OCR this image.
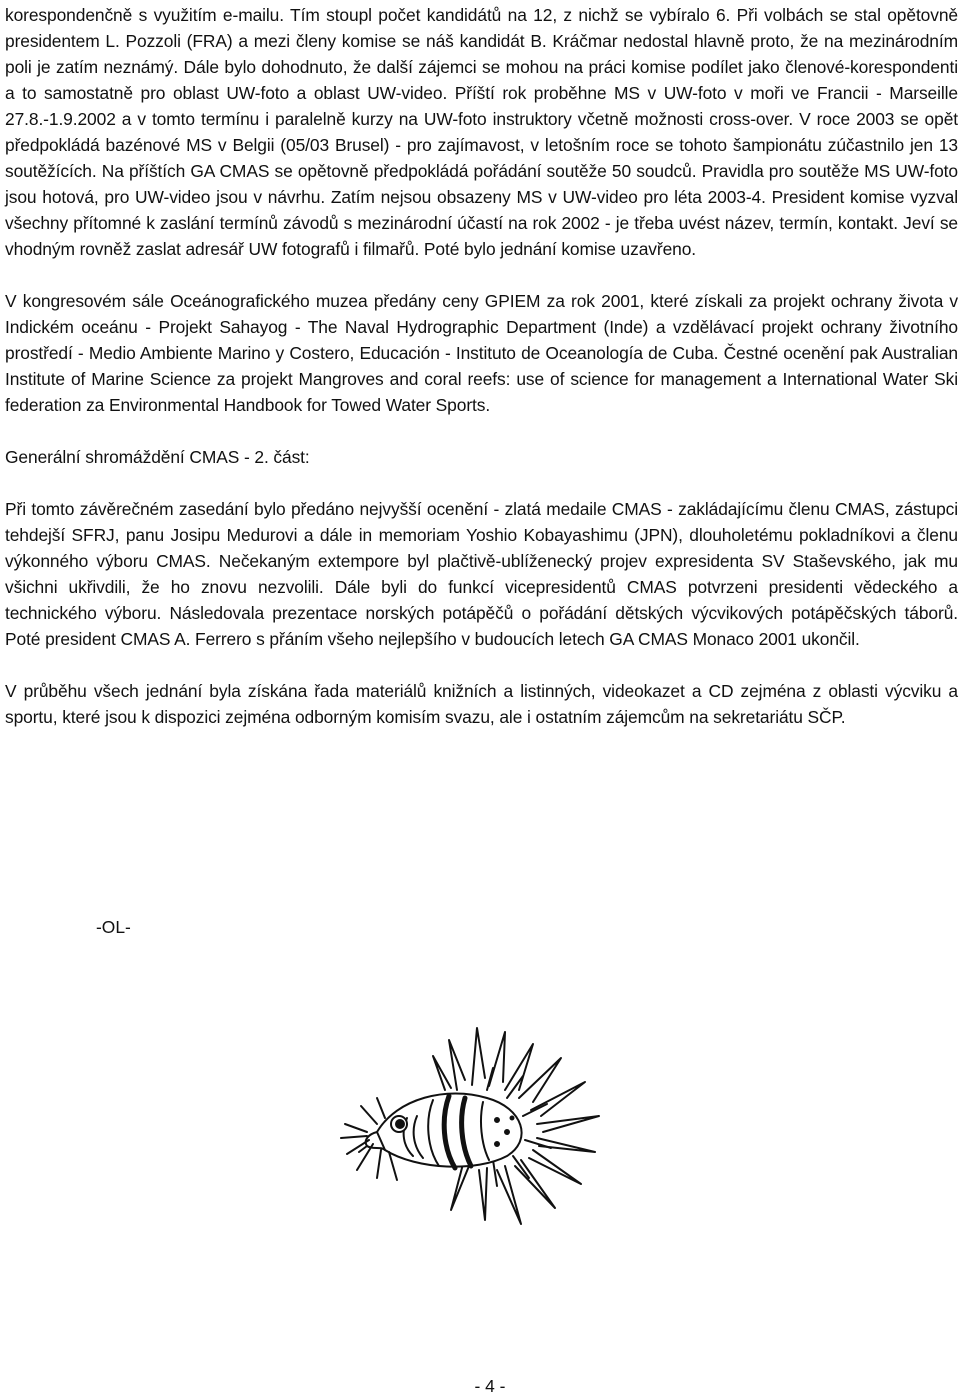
korespondenčně s využitím e-mailu. Tím stoupl počet kandidátů na 12, z nichž se vybíralo 6. Při volbách se stal opětovně presidentem L. Pozzoli (FRA) a mezi členy komise se náš kandidát B. Kráčmar nedostal hlavně proto, že na mezinárodním poli je zatím neznámý. Dále bylo dohodnuto, že další zájemci se mohou na práci komise podílet jako členové-korespondenti a to samostatně pro oblast UW-foto a oblast UW-video. Příští rok proběhne MS v UW-foto v moři ve Francii - Marseille 27.8.-1.9.2002 a v tomto termínu i paralelně kurzy na UW-foto instruktory včetně možnosti cross-over. V roce 2003 se opět předpokládá bazénové MS v Belgii (05/03 Brusel) - pro zajímavost, v letošním roce se tohoto šampionátu zúčastnilo jen 13 soutěžících. Na příštích GA CMAS se opětovně předpokládá pořádání soutěže 50 soudců. Pravidla pro soutěže MS UW-foto jsou hotová, pro UW-video jsou v návrhu. Zatím nejsou obsazeny MS v UW-video pro léta 2003-4. President komise vyzval všechny přítomné k zaslání termínů závodů s mezinárodní účastí na rok 2002 - je třeba uvést název, termín, kontakt. Jeví se vhodným rovněž zaslat adresář UW fotografů i filmařů. Poté bylo jednání komise uzavřeno.

V kongresovém sále Oceánografického muzea předány ceny GPIEM za rok 2001, které získali za projekt ochrany života v Indickém oceánu - Projekt Sahayog - The Naval Hydrographic Department (Inde) a vzdělávací projekt ochrany životního prostředí - Medio Ambiente Marino y Costero, Educación - Instituto de Oceanología de Cuba. Čestné ocenění pak Australian Institute of Marine Science za projekt Mangroves and coral reefs: use of science for management a International Water Ski federation za Environmental Handbook for Towed Water Sports.

Generální shromáždění CMAS - 2. část:

Při tomto závěrečném zasedání bylo předáno nejvyšší ocenění - zlatá medaile CMAS - zakládajícímu členu CMAS, zástupci tehdejší SFRJ, panu Josipu Medurovi a dále in memoriam Yoshio Kobayashimu (JPN), dlouholetému pokladníkovi a členu výkonného výboru CMAS. Nečekaným extempore byl plačtivě-ublíženecký projev expresidenta SV Staševského, jak mu všichni ukřivdili, že ho znovu nezvolili. Dále byli do funkcí vicepresidentů CMAS potvrzeni presidenti vědeckého a technického výboru. Následovala prezentace norských potápěčů o pořádání dětských výcvikových potápěčských táborů. Poté president CMAS A. Ferrero s přáním všeho nejlepšího v budoucích letech GA CMAS Monaco 2001 ukončil.

V průběhu všech jednání byla získána řada materiálů knižních a listinných, videokazet a CD zejména z oblasti výcviku a sportu, které jsou k dispozici zejména odborným komisím svazu, ale i ostatním zájemcům na sekretariátu SČP.

-OL-
- 4 -
